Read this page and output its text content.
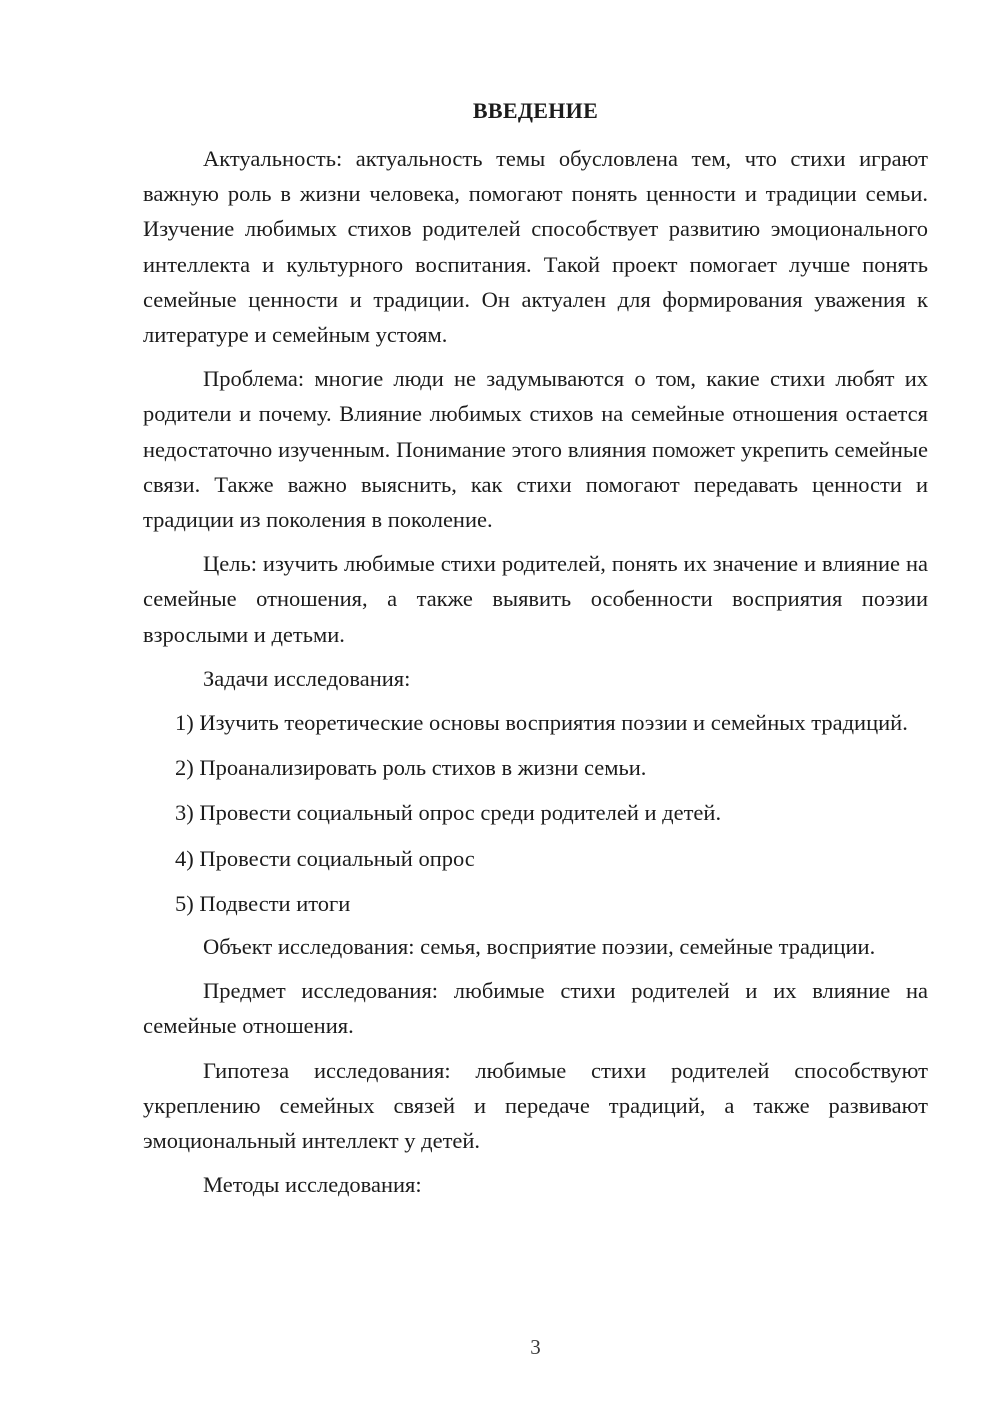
ВВЕДЕНИЕ

Актуальность: актуальность темы обусловлена тем, что стихи играют важную роль в жизни человека, помогают понять ценности и традиции семьи. Изучение любимых стихов родителей способствует развитию эмоционального интеллекта и культурного воспитания. Такой проект помогает лучше понять семейные ценности и традиции. Он актуален для формирования уважения к литературе и семейным устоям.

Проблема: многие люди не задумываются о том, какие стихи любят их родители и почему. Влияние любимых стихов на семейные отношения остается недостаточно изученным. Понимание этого влияния поможет укрепить семейные связи. Также важно выяснить, как стихи помогают передавать ценности и традиции из поколения в поколение.

Цель: изучить любимые стихи родителей, понять их значение и влияние на семейные отношения, а также выявить особенности восприятия поэзии взрослыми и детьми.

Задачи исследования:

1) Изучить теоретические основы восприятия поэзии и семейных традиций.

2) Проанализировать роль стихов в жизни семьи.

3) Провести социальный опрос среди родителей и детей.

4) Провести социальный опрос

5) Подвести итоги

Объект исследования: семья, восприятие поэзии, семейные традиции.

Предмет исследования: любимые стихи родителей и их влияние на семейные отношения.

Гипотеза исследования: любимые стихи родителей способствуют укреплению семейных связей и передаче традиций, а также развивают эмоциональный интеллект у детей.

Методы исследования:

3
